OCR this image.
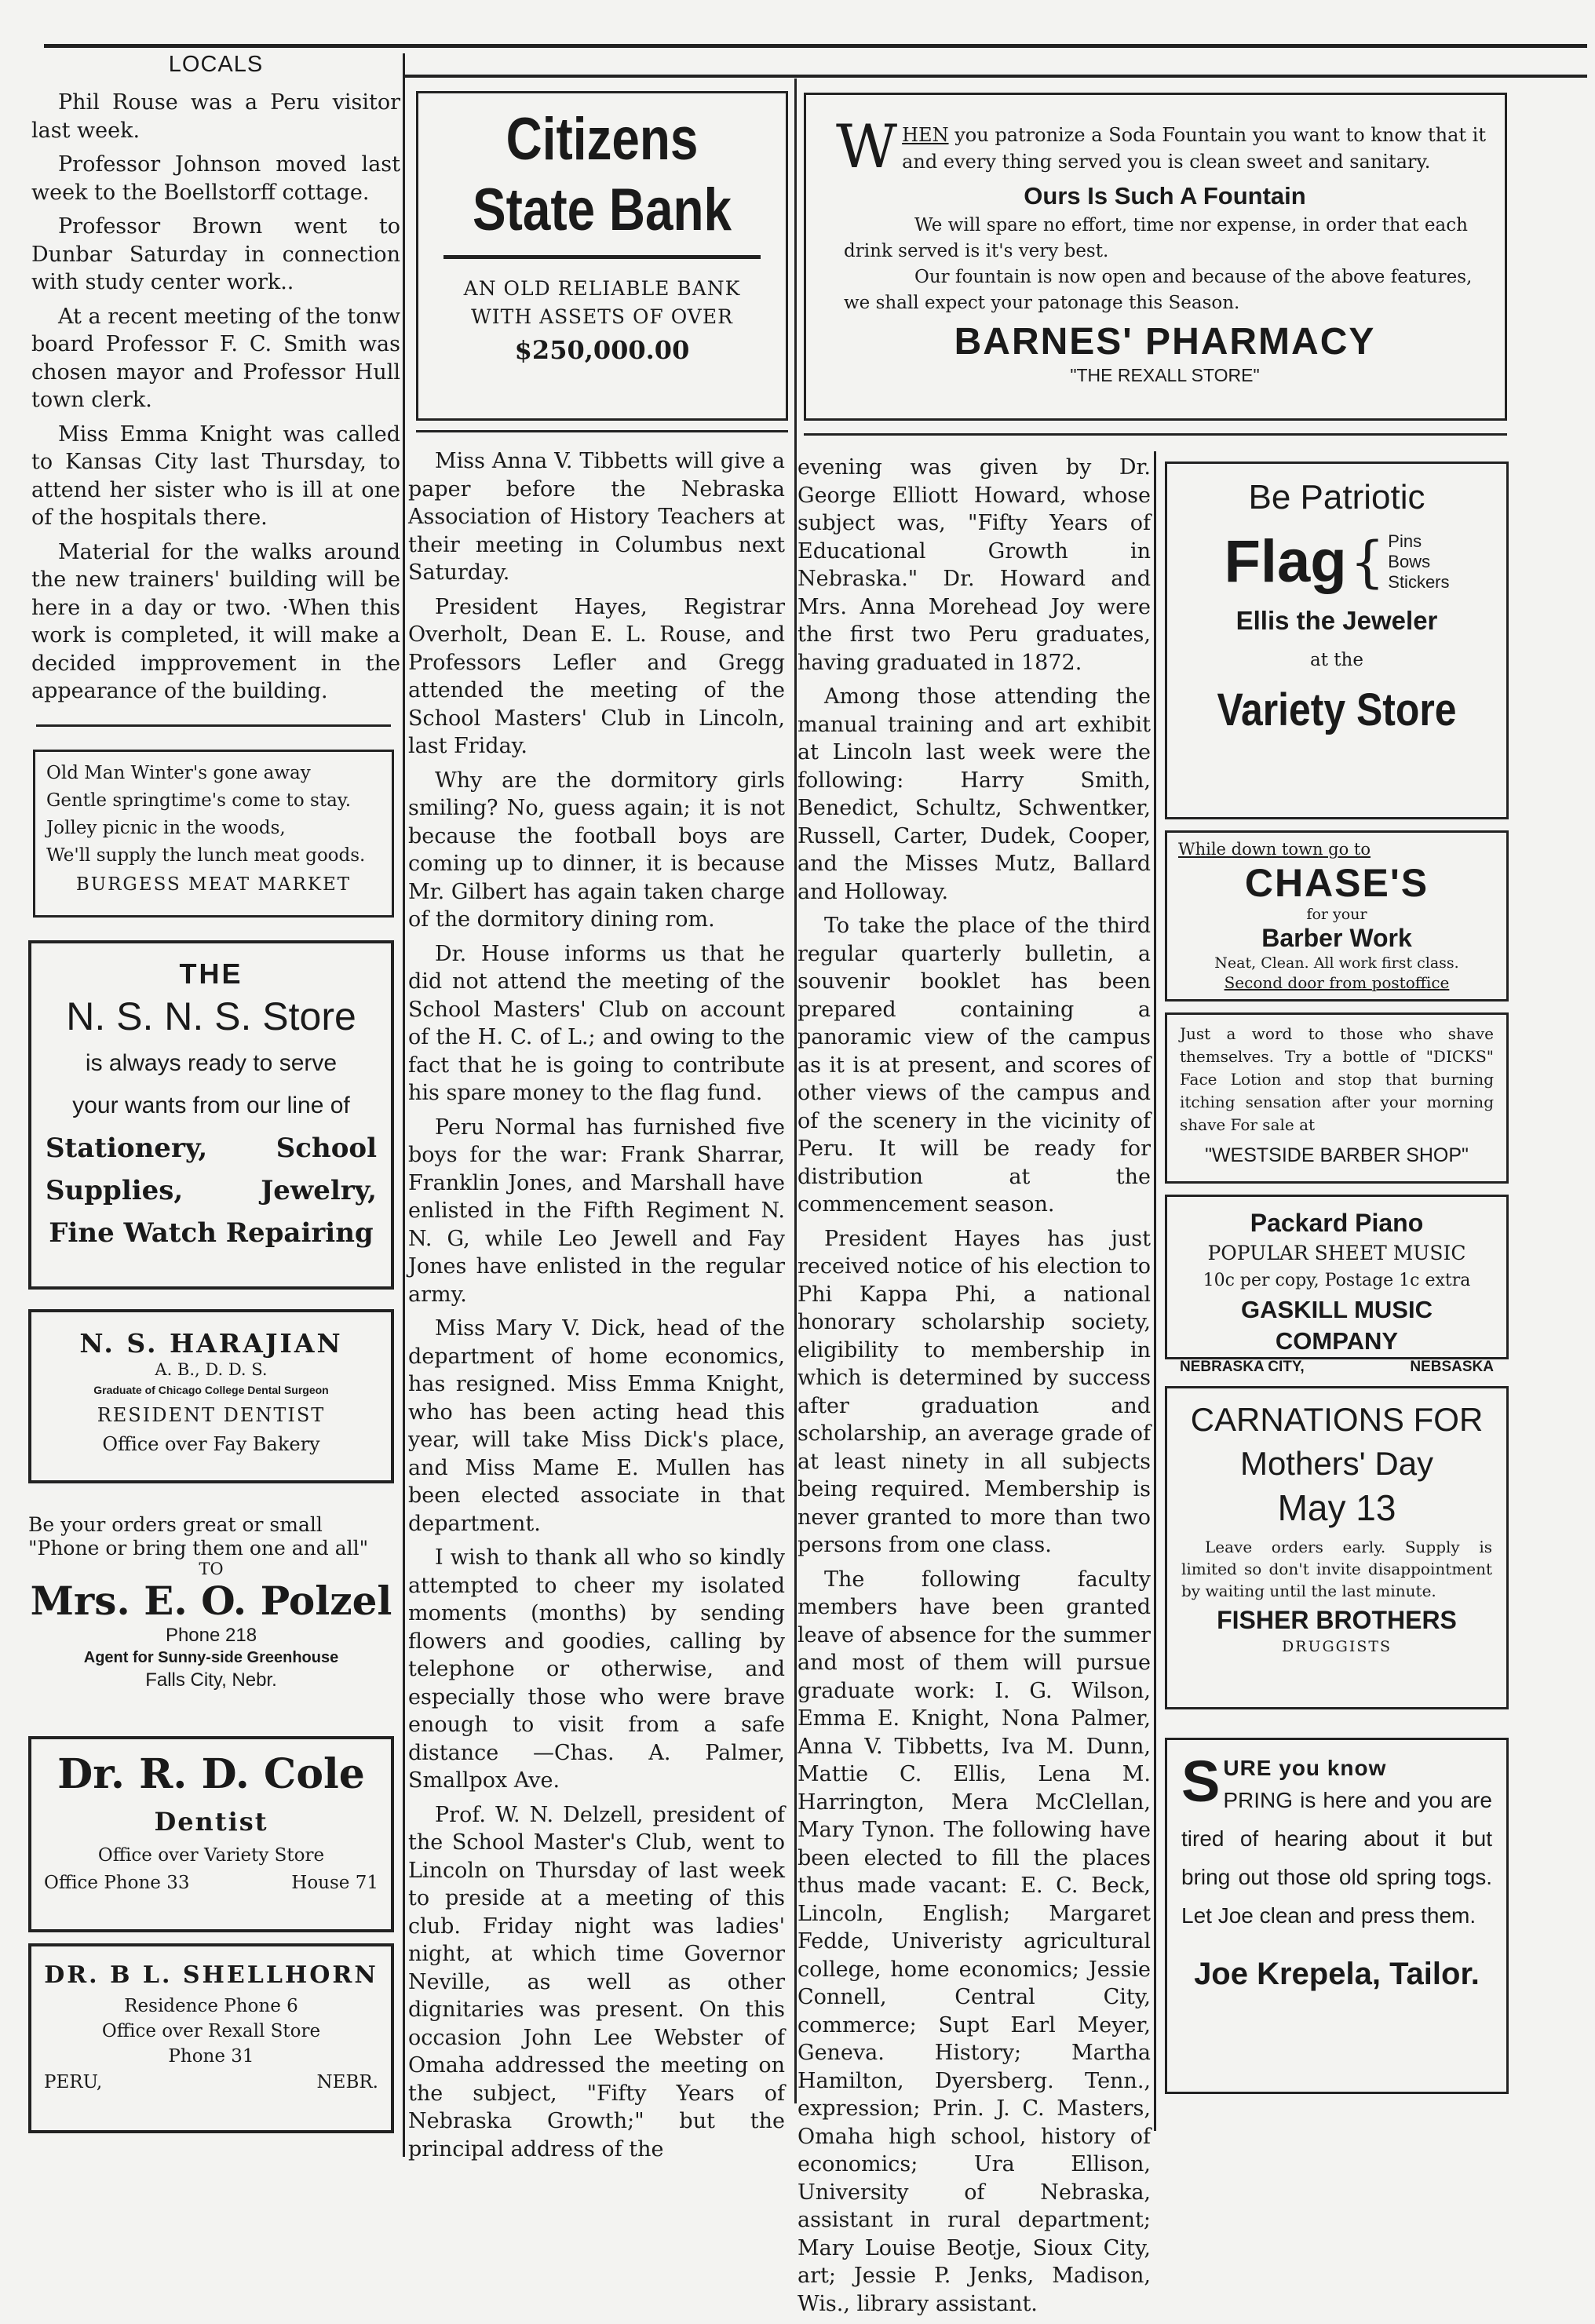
LOCALS

Phil Rouse was a Peru visitor last week.

Professor Johnson moved last week to the Boellstorff cottage.

Professor Brown went to Dunbar Saturday in connection with study center work..

At a recent meeting of the tonw board Professor F. C. Smith was chosen mayor and Professor Hull town clerk.

Miss Emma Knight was called to Kansas City last Thursday, to attend her sister who is ill at one of the hospitals there.

Material for the walks around the new trainers' building will be here in a day or two. ·When this work is completed, it will make a decided impprovement in the appearance of the building.

Old Man Winter's gone away
Gentle springtime's come to stay.
Jolley picnic in the woods,
We'll supply the lunch meat goods.
BURGESS MEAT MARKET
THE
N. S. N. S. Store
is always ready to serve
your wants from our line of
Stationery,	School
Supplies,	Jewelry,
Fine Watch Repairing
N. S. HARAJIAN
A. B., D. D. S.
Graduate of Chicago College Dental Surgeon
RESIDENT DENTIST
Office over Fay Bakery
Be your orders great or small
"Phone or bring them one and all"
TO
Mrs. E. O. Polzel
Phone 218
Agent for Sunny-side Greenhouse
Falls City, Nebr.
Dr. R. D. Cole
Dentist
Office over Variety Store
Office Phone 33	House 71
DR. B L. SHELLHORN
Residence Phone 6
Office over Rexall Store
Phone 31
PERU,	NEBR.
Citizens
State Bank
AN OLD RELIABLE BANK
WITH ASSETS OF OVER
$250,000.00

Miss Anna V. Tibbetts will give a paper before the Nebraska Association of History Teachers at their meeting in Columbus next Saturday.

President Hayes, Registrar Overholt, Dean E. L. Rouse, and Professors Lefler and Gregg attended the meeting of the School Masters' Club in Lincoln, last Friday.

Why are the dormitory girls smiling? No, guess again; it is not because the football boys are coming up to dinner, it is because Mr. Gilbert has again taken charge of the dormitory dining rom.

Dr. House informs us that he did not attend the meeting of the School Masters' Club on account of the H. C. of L.; and owing to the fact that he is going to contribute his spare money to the flag fund.

Peru Normal has furnished five boys for the war: Frank Sharrar, Franklin Jones, and Marshall have enlisted in the Fifth Regiment N. N. G, while Leo Jewell and Fay Jones have enlisted in the regular army.

Miss Mary V. Dick, head of the department of home economics, has resigned. Miss Emma Knight, who has been acting head this year, will take Miss Dick's place, and Miss Mame E. Mullen has been elected associate in that department.

I wish to thank all who so kindly attempted to cheer my isolated moments (months) by sending flowers and goodies, calling by telephone or otherwise, and especially those who were brave enough to visit from a safe distance —Chas. A. Palmer, Smallpox Ave.

Prof. W. N. Delzell, president of the School Master's Club, went to Lincoln on Thursday of last week to preside at a meeting of this club. Friday night was ladies' night, at which time Governor Neville, as well as other dignitaries was present. On this occasion John Lee Webster of Omaha addressed the meeting on the subject, "Fifty Years of Nebraska Growth;" but the principal address of the

W HEN you patronize a Soda Fountain you want to know that it and every thing served you is clean sweet and sanitary.
Ours Is Such A Fountain
We will spare no effort, time nor expense, in order that each drink served is it's very best.
Our fountain is now open and because of the above features, we shall expect your patonage this Season.
BARNES' PHARMACY
"THE REXALL STORE"

evening was given by Dr. George Elliott Howard, whose subject was, "Fifty Years of Educational Growth in Nebraska." Dr. Howard and Mrs. Anna Morehead Joy were the first two Peru graduates, having graduated in 1872.

Among those attending the manual training and art exhibit at Lincoln last week were the following: Harry Smith, Benedict, Schultz, Schwentker, Russell, Carter, Dudek, Cooper, and the Misses Mutz, Ballard and Holloway.

To take the place of the third regular quarterly bulletin, a souvenir booklet has been prepared containing a panoramic view of the campus as it is at present, and scores of other views of the campus and of the scenery in the vicinity of Peru. It will be ready for distribution at the commencement season.

President Hayes has just received notice of his election to Phi Kappa Phi, a national honorary scholarship society, eligibility to membership in which is determined by success after graduation and scholarship, an average grade of at least ninety in all subjects being required. Membership is never granted to more than two persons from one class.

The following faculty members have been granted leave of absence for the summer and most of them will pursue graduate work: I. G. Wilson, Emma E. Knight, Nona Palmer, Anna V. Tibbetts, Iva M. Dunn, Mattie C. Ellis, Lena M. Harrington, Mera McClellan, Mary Tynon. The following have been elected to fill the places thus made vacant: E. C. Beck, Lincoln, English; Margaret Fedde, Univeristy agricultural college, home economics; Jessie Connell, Central City, commerce; Supt Earl Meyer, Geneva. History; Martha Hamilton, Dyersberg. Tenn., expression; Prin. J. C. Masters, Omaha high school, history of economics; Ura Ellison, University of Nebraska, assistant in rural department; Mary Louise Beotje, Sioux City, art; Jessie P. Jenks, Madison, Wis., library assistant.

Be Patriotic
Flag { Pins
Bows
Stickers
Ellis the Jeweler
at the
Variety Store
While down town go to
CHASE'S
for your
Barber Work
Neat, Clean. All work first class.
Second door from postoffice
Just a word to those who shave themselves. Try a bottle of "DICKS" Face Lotion and stop that burning itching sensation after your morning shave For sale at
"WESTSIDE BARBER SHOP"
Packard Piano
POPULAR SHEET MUSIC
10c per copy, Postage 1c extra
GASKILL MUSIC COMPANY
NEBRASKA CITY,	NEBSASKA
CARNATIONS FOR
Mothers' Day
May 13
Leave orders early. Supply is limited so don't invite disappointment by waiting until the last minute.
FISHER BROTHERS
DRUGGISTS
S URE you know
PRING is here and you are tired of hearing about it but bring out those old spring togs. Let Joe clean and press them.
Joe Krepela, Tailor.
